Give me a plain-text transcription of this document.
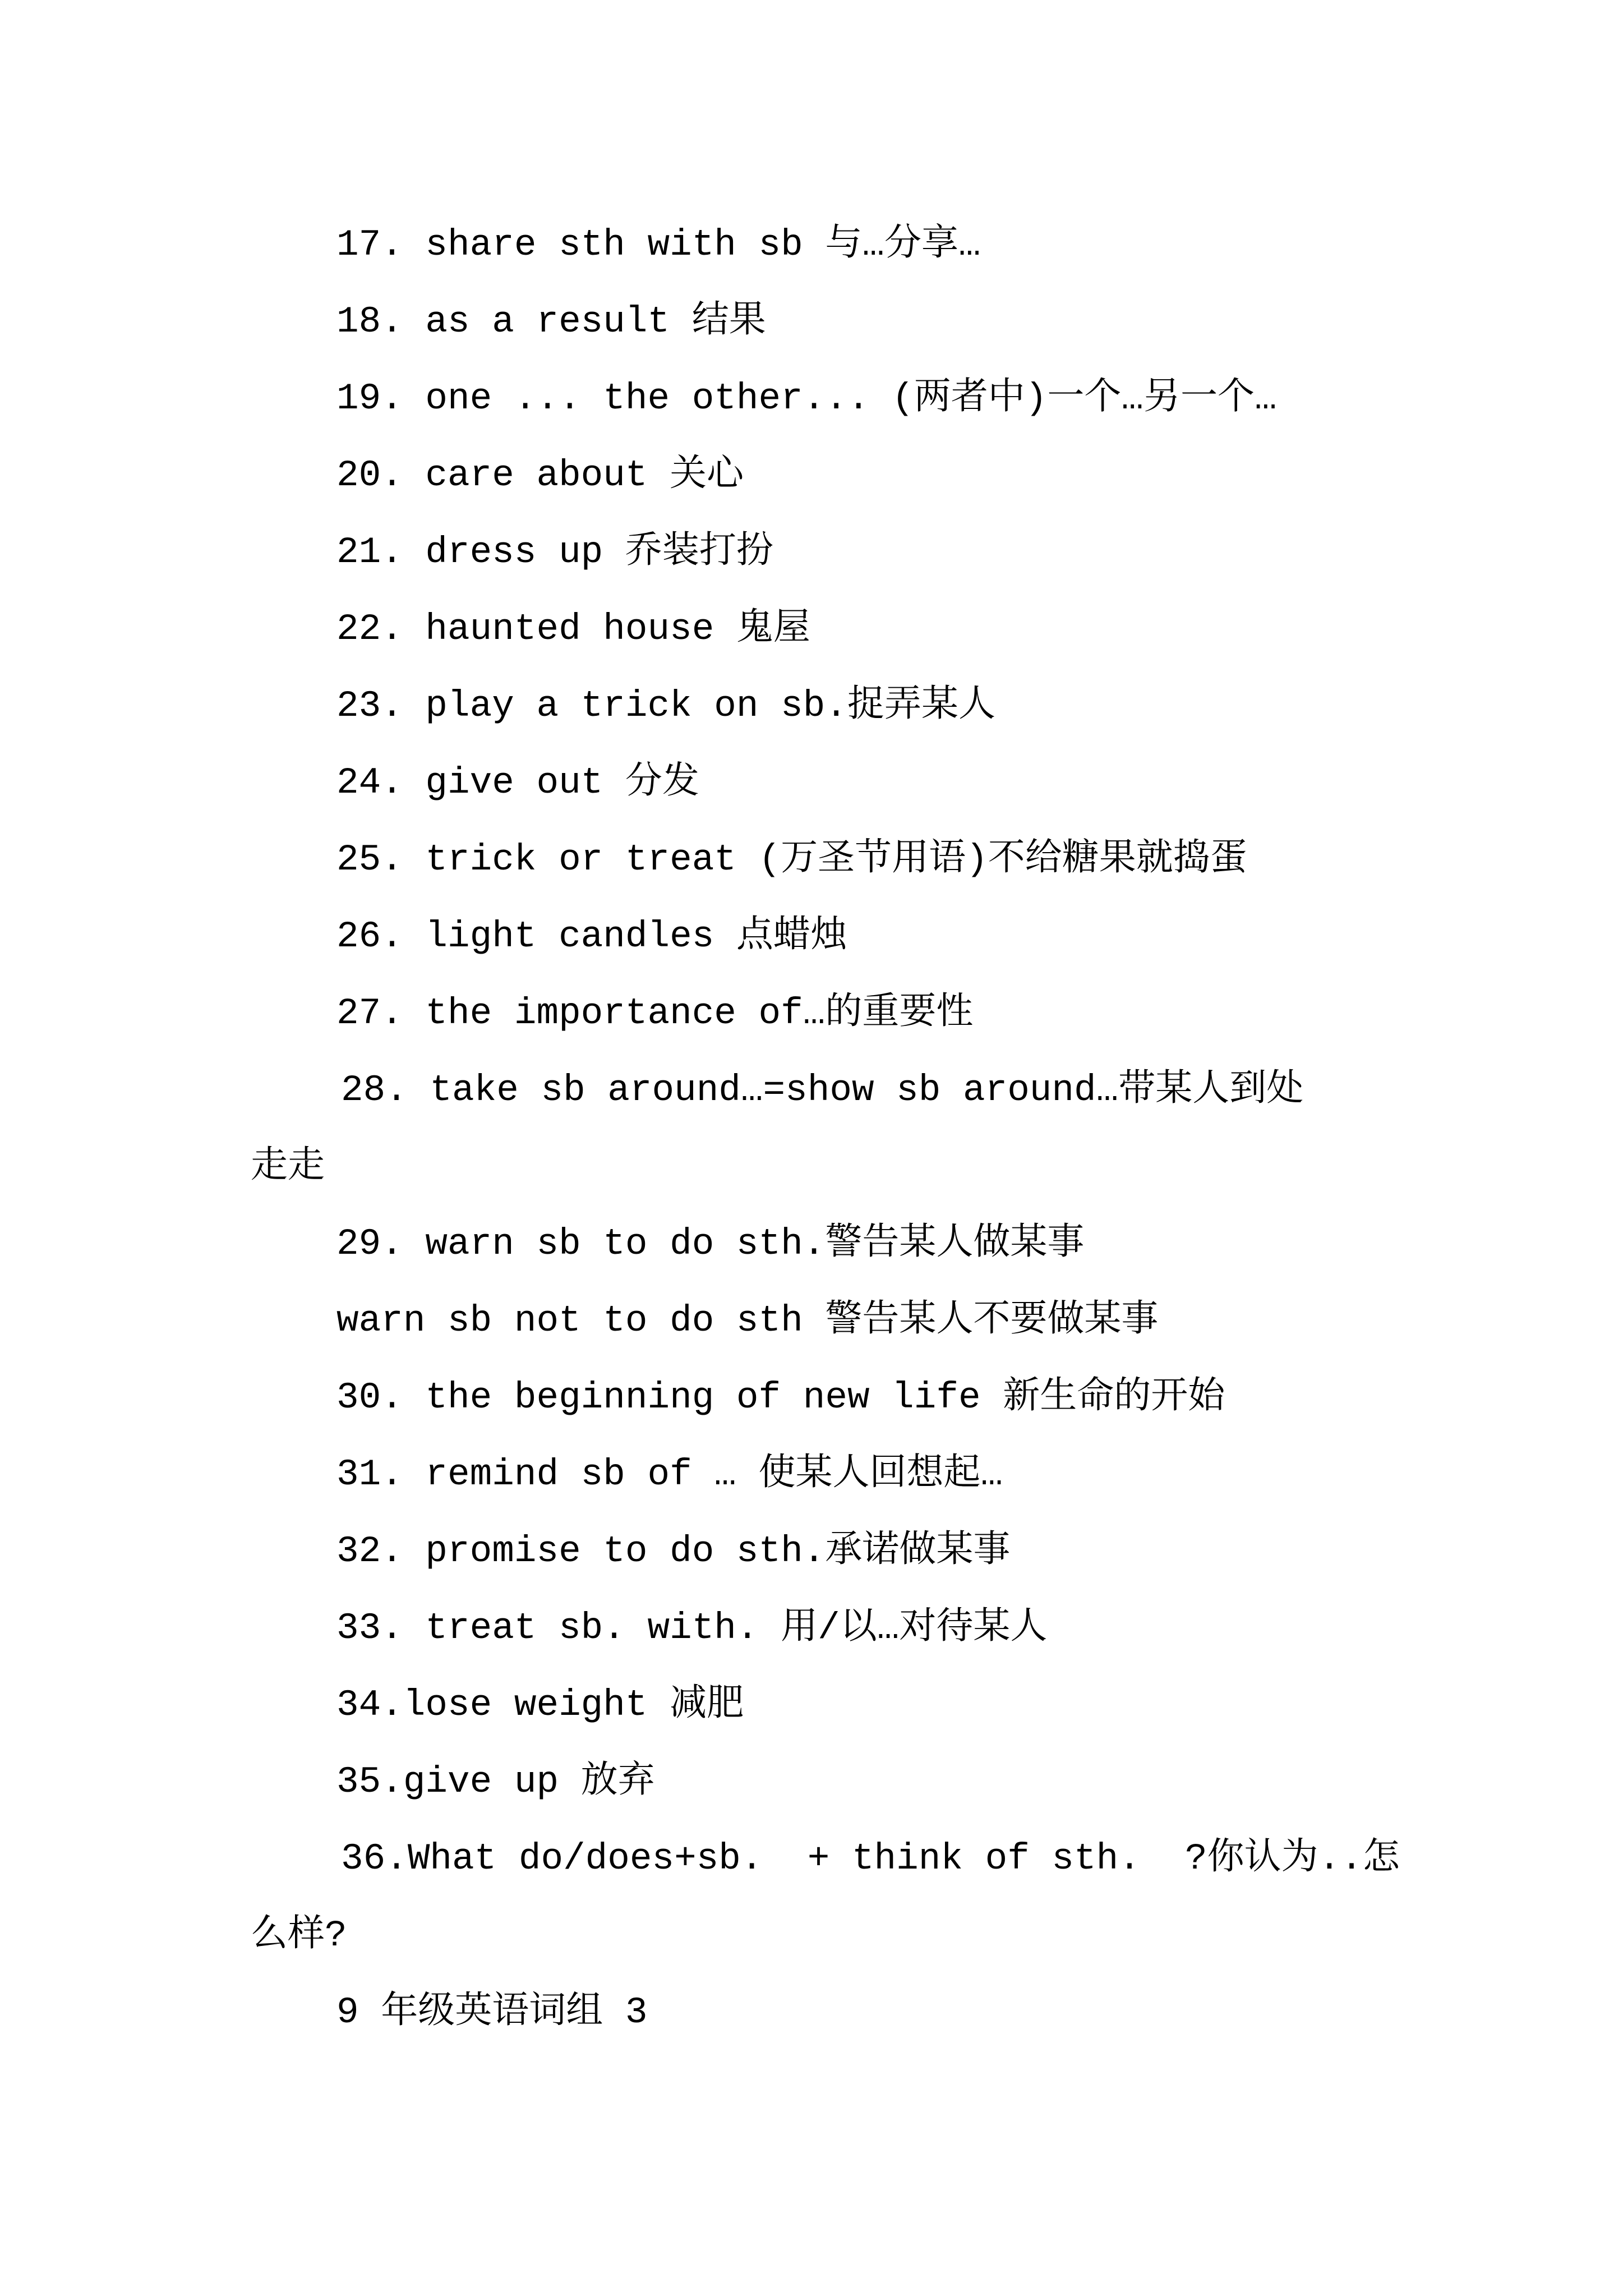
17. share sth with sb 与…分享…
18. as a result 结果
19. one ... the other... (两者中)一个…另一个…
20. care about 关心
21. dress up 乔装打扮
22. haunted house 鬼屋
23. play a trick on sb.捉弄某人
24. give out 分发
25. trick or treat (万圣节用语)不给糖果就捣蛋
26. light candles 点蜡烛
27. the importance of…的重要性
28. take sb around…=show sb around…带某人到处
走走
29. warn sb to do sth.警告某人做某事
warn sb not to do sth 警告某人不要做某事
30. the beginning of new life 新生命的开始
31. remind sb of … 使某人回想起…
32. promise to do sth.承诺做某事
33. treat sb. with. 用/以…对待某人
34.lose weight 减肥
35.give up 放弃
36.What do/does+sb.  + think of sth.  ?你认为..怎
么样?
9 年级英语词组 3
